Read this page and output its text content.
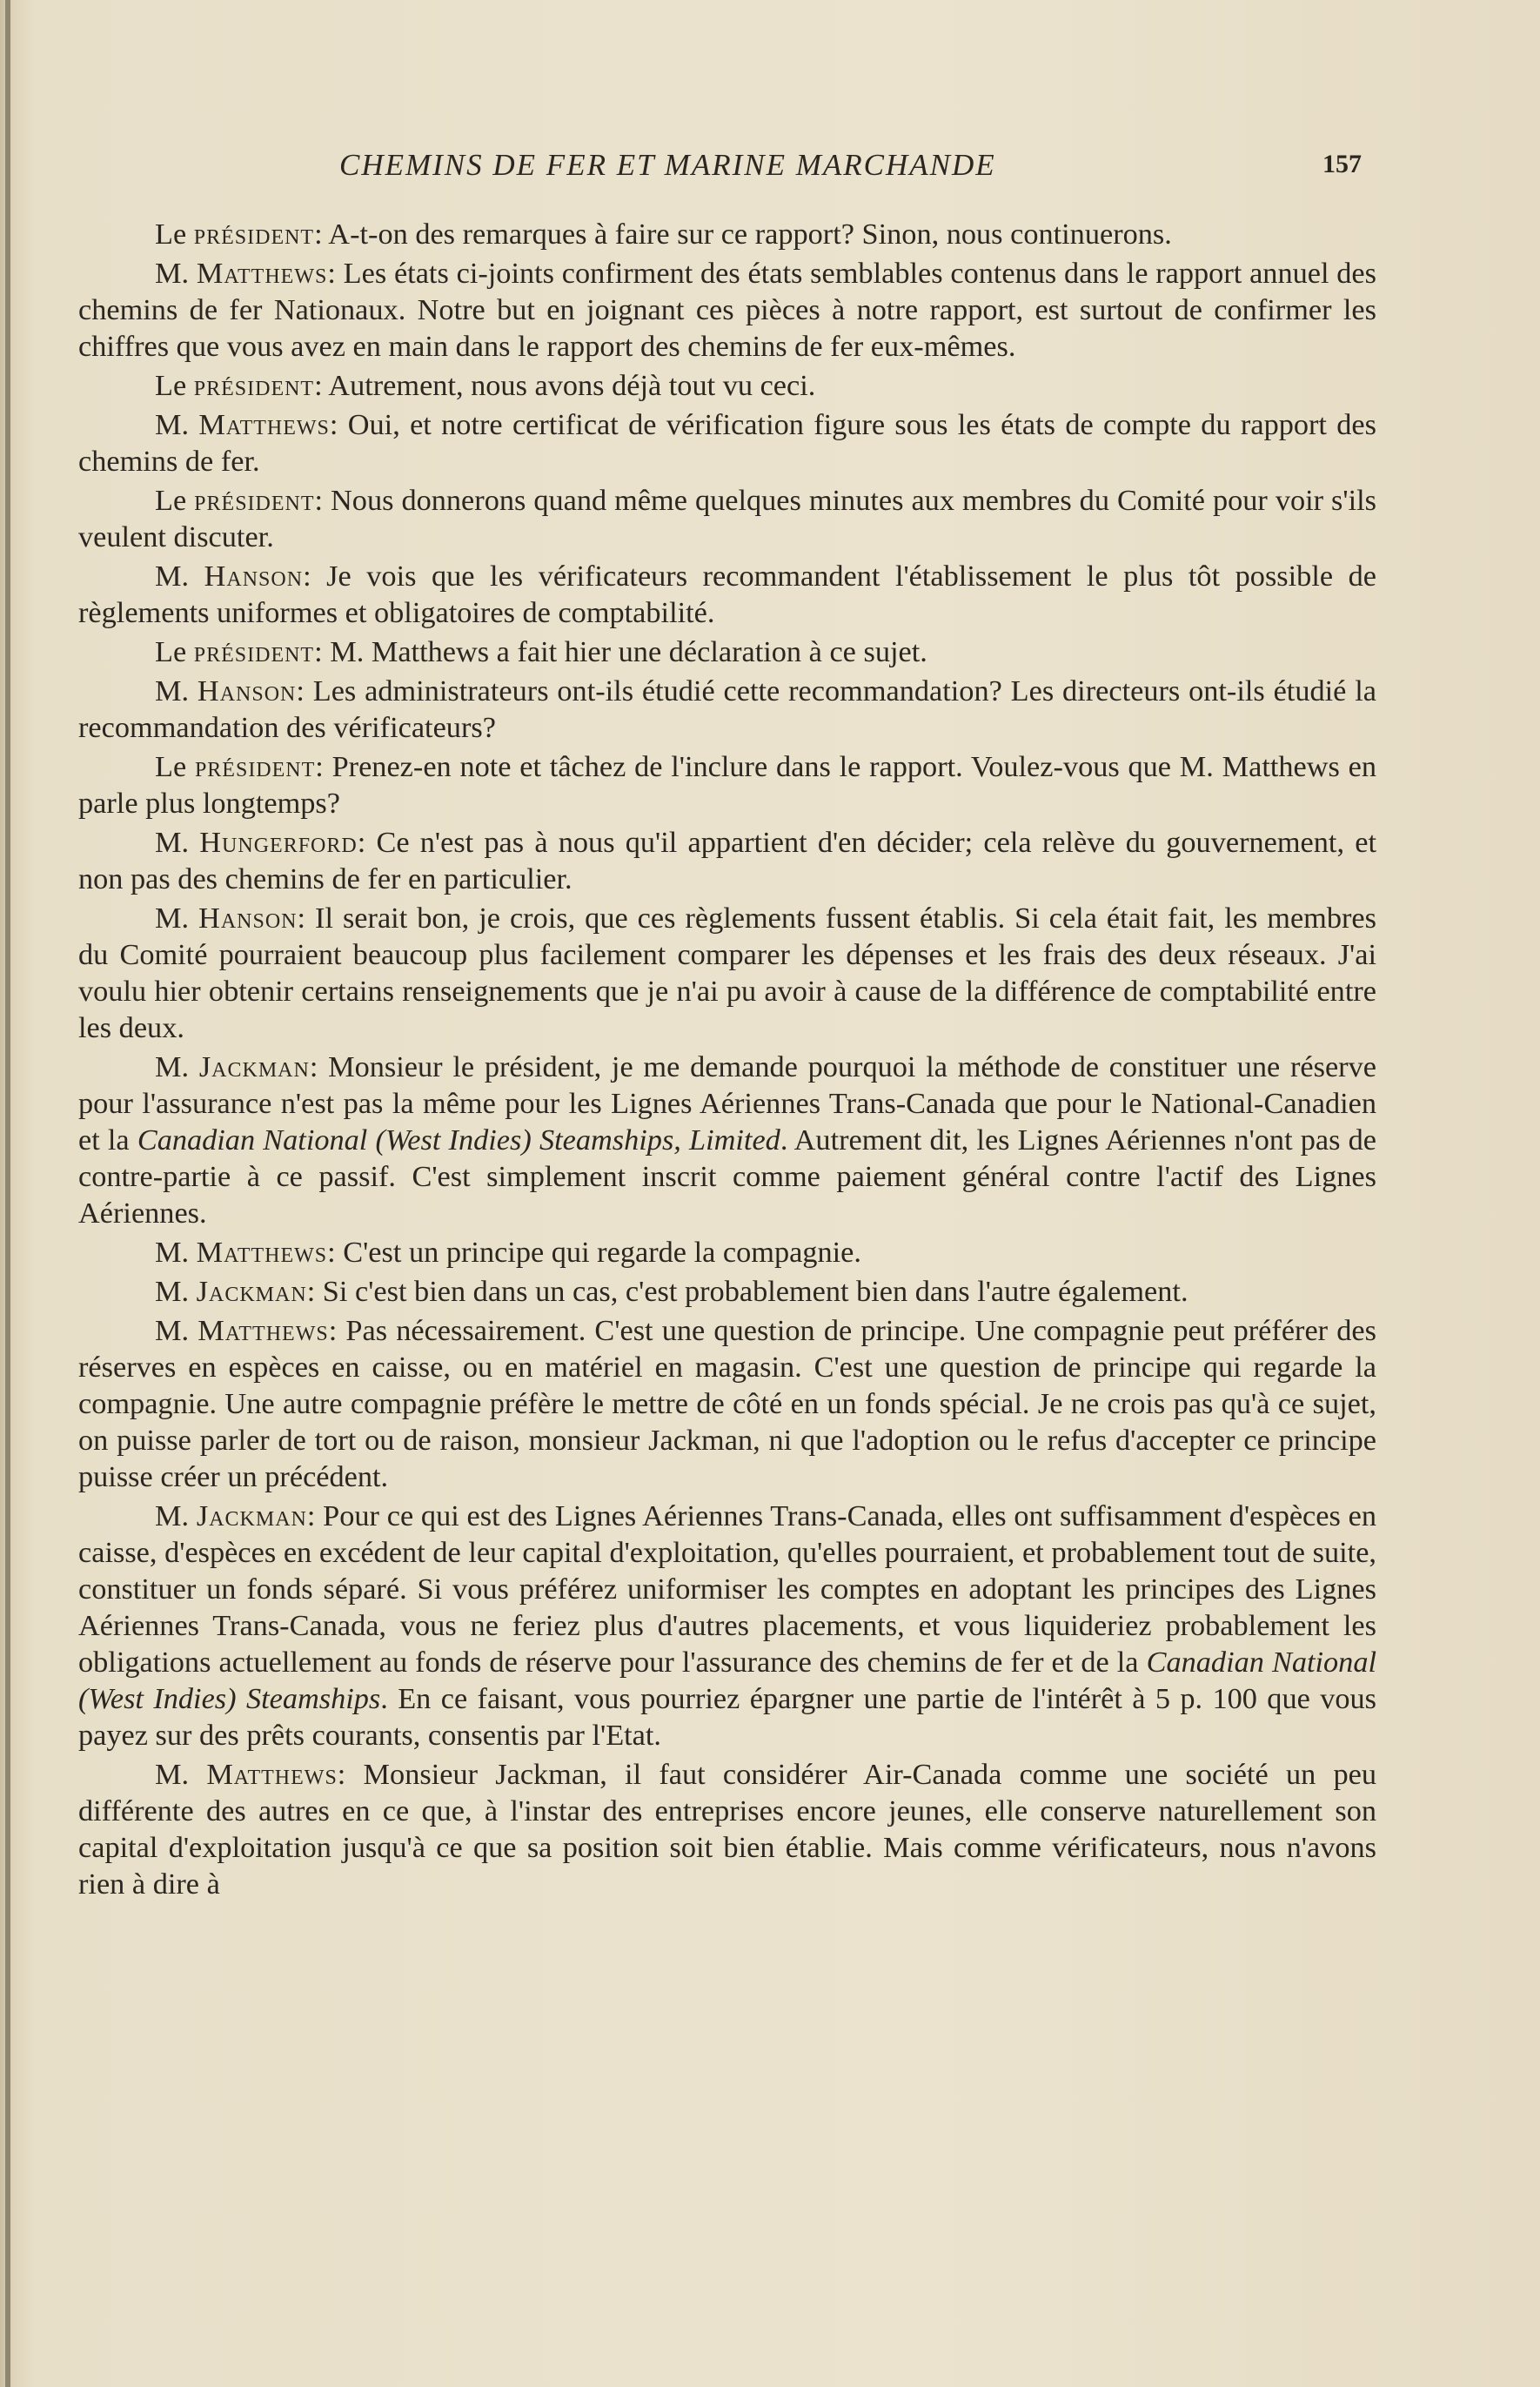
CHEMINS DE FER ET MARINE MARCHANDE	157

Le président: A-t-on des remarques à faire sur ce rapport? Sinon, nous continuerons.

M. Matthews: Les états ci-joints confirment des états semblables contenus dans le rapport annuel des chemins de fer Nationaux. Notre but en joignant ces pièces à notre rapport, est surtout de confirmer les chiffres que vous avez en main dans le rapport des chemins de fer eux-mêmes.

Le président: Autrement, nous avons déjà tout vu ceci.

M. Matthews: Oui, et notre certificat de vérification figure sous les états de compte du rapport des chemins de fer.

Le président: Nous donnerons quand même quelques minutes aux membres du Comité pour voir s'ils veulent discuter.

M. Hanson: Je vois que les vérificateurs recommandent l'établissement le plus tôt possible de règlements uniformes et obligatoires de comptabilité.

Le président: M. Matthews a fait hier une déclaration à ce sujet.

M. Hanson: Les administrateurs ont-ils étudié cette recommandation? Les directeurs ont-ils étudié la recommandation des vérificateurs?

Le président: Prenez-en note et tâchez de l'inclure dans le rapport. Voulez-vous que M. Matthews en parle plus longtemps?

M. Hungerford: Ce n'est pas à nous qu'il appartient d'en décider; cela relève du gouvernement, et non pas des chemins de fer en particulier.

M. Hanson: Il serait bon, je crois, que ces règlements fussent établis. Si cela était fait, les membres du Comité pourraient beaucoup plus facilement comparer les dépenses et les frais des deux réseaux. J'ai voulu hier obtenir certains renseignements que je n'ai pu avoir à cause de la différence de comptabilité entre les deux.

M. Jackman: Monsieur le président, je me demande pourquoi la méthode de constituer une réserve pour l'assurance n'est pas la même pour les Lignes Aériennes Trans-Canada que pour le National-Canadien et la Canadian National (West Indies) Steamships, Limited. Autrement dit, les Lignes Aériennes n'ont pas de contre-partie à ce passif. C'est simplement inscrit comme paiement général contre l'actif des Lignes Aériennes.

M. Matthews: C'est un principe qui regarde la compagnie.

M. Jackman: Si c'est bien dans un cas, c'est probablement bien dans l'autre également.

M. Matthews: Pas nécessairement. C'est une question de principe. Une compagnie peut préférer des réserves en espèces en caisse, ou en matériel en magasin. C'est une question de principe qui regarde la compagnie. Une autre compagnie préfère le mettre de côté en un fonds spécial. Je ne crois pas qu'à ce sujet, on puisse parler de tort ou de raison, monsieur Jackman, ni que l'adoption ou le refus d'accepter ce principe puisse créer un précédent.

M. Jackman: Pour ce qui est des Lignes Aériennes Trans-Canada, elles ont suffisamment d'espèces en caisse, d'espèces en excédent de leur capital d'exploitation, qu'elles pourraient, et probablement tout de suite, constituer un fonds séparé. Si vous préférez uniformiser les comptes en adoptant les principes des Lignes Aériennes Trans-Canada, vous ne feriez plus d'autres placements, et vous liquideriez probablement les obligations actuellement au fonds de réserve pour l'assurance des chemins de fer et de la Canadian National (West Indies) Steamships. En ce faisant, vous pourriez épargner une partie de l'intérêt à 5 p. 100 que vous payez sur des prêts courants, consentis par l'Etat.

M. Matthews: Monsieur Jackman, il faut considérer Air-Canada comme une société un peu différente des autres en ce que, à l'instar des entreprises encore jeunes, elle conserve naturellement son capital d'exploitation jusqu'à ce que sa position soit bien établie. Mais comme vérificateurs, nous n'avons rien à dire à
